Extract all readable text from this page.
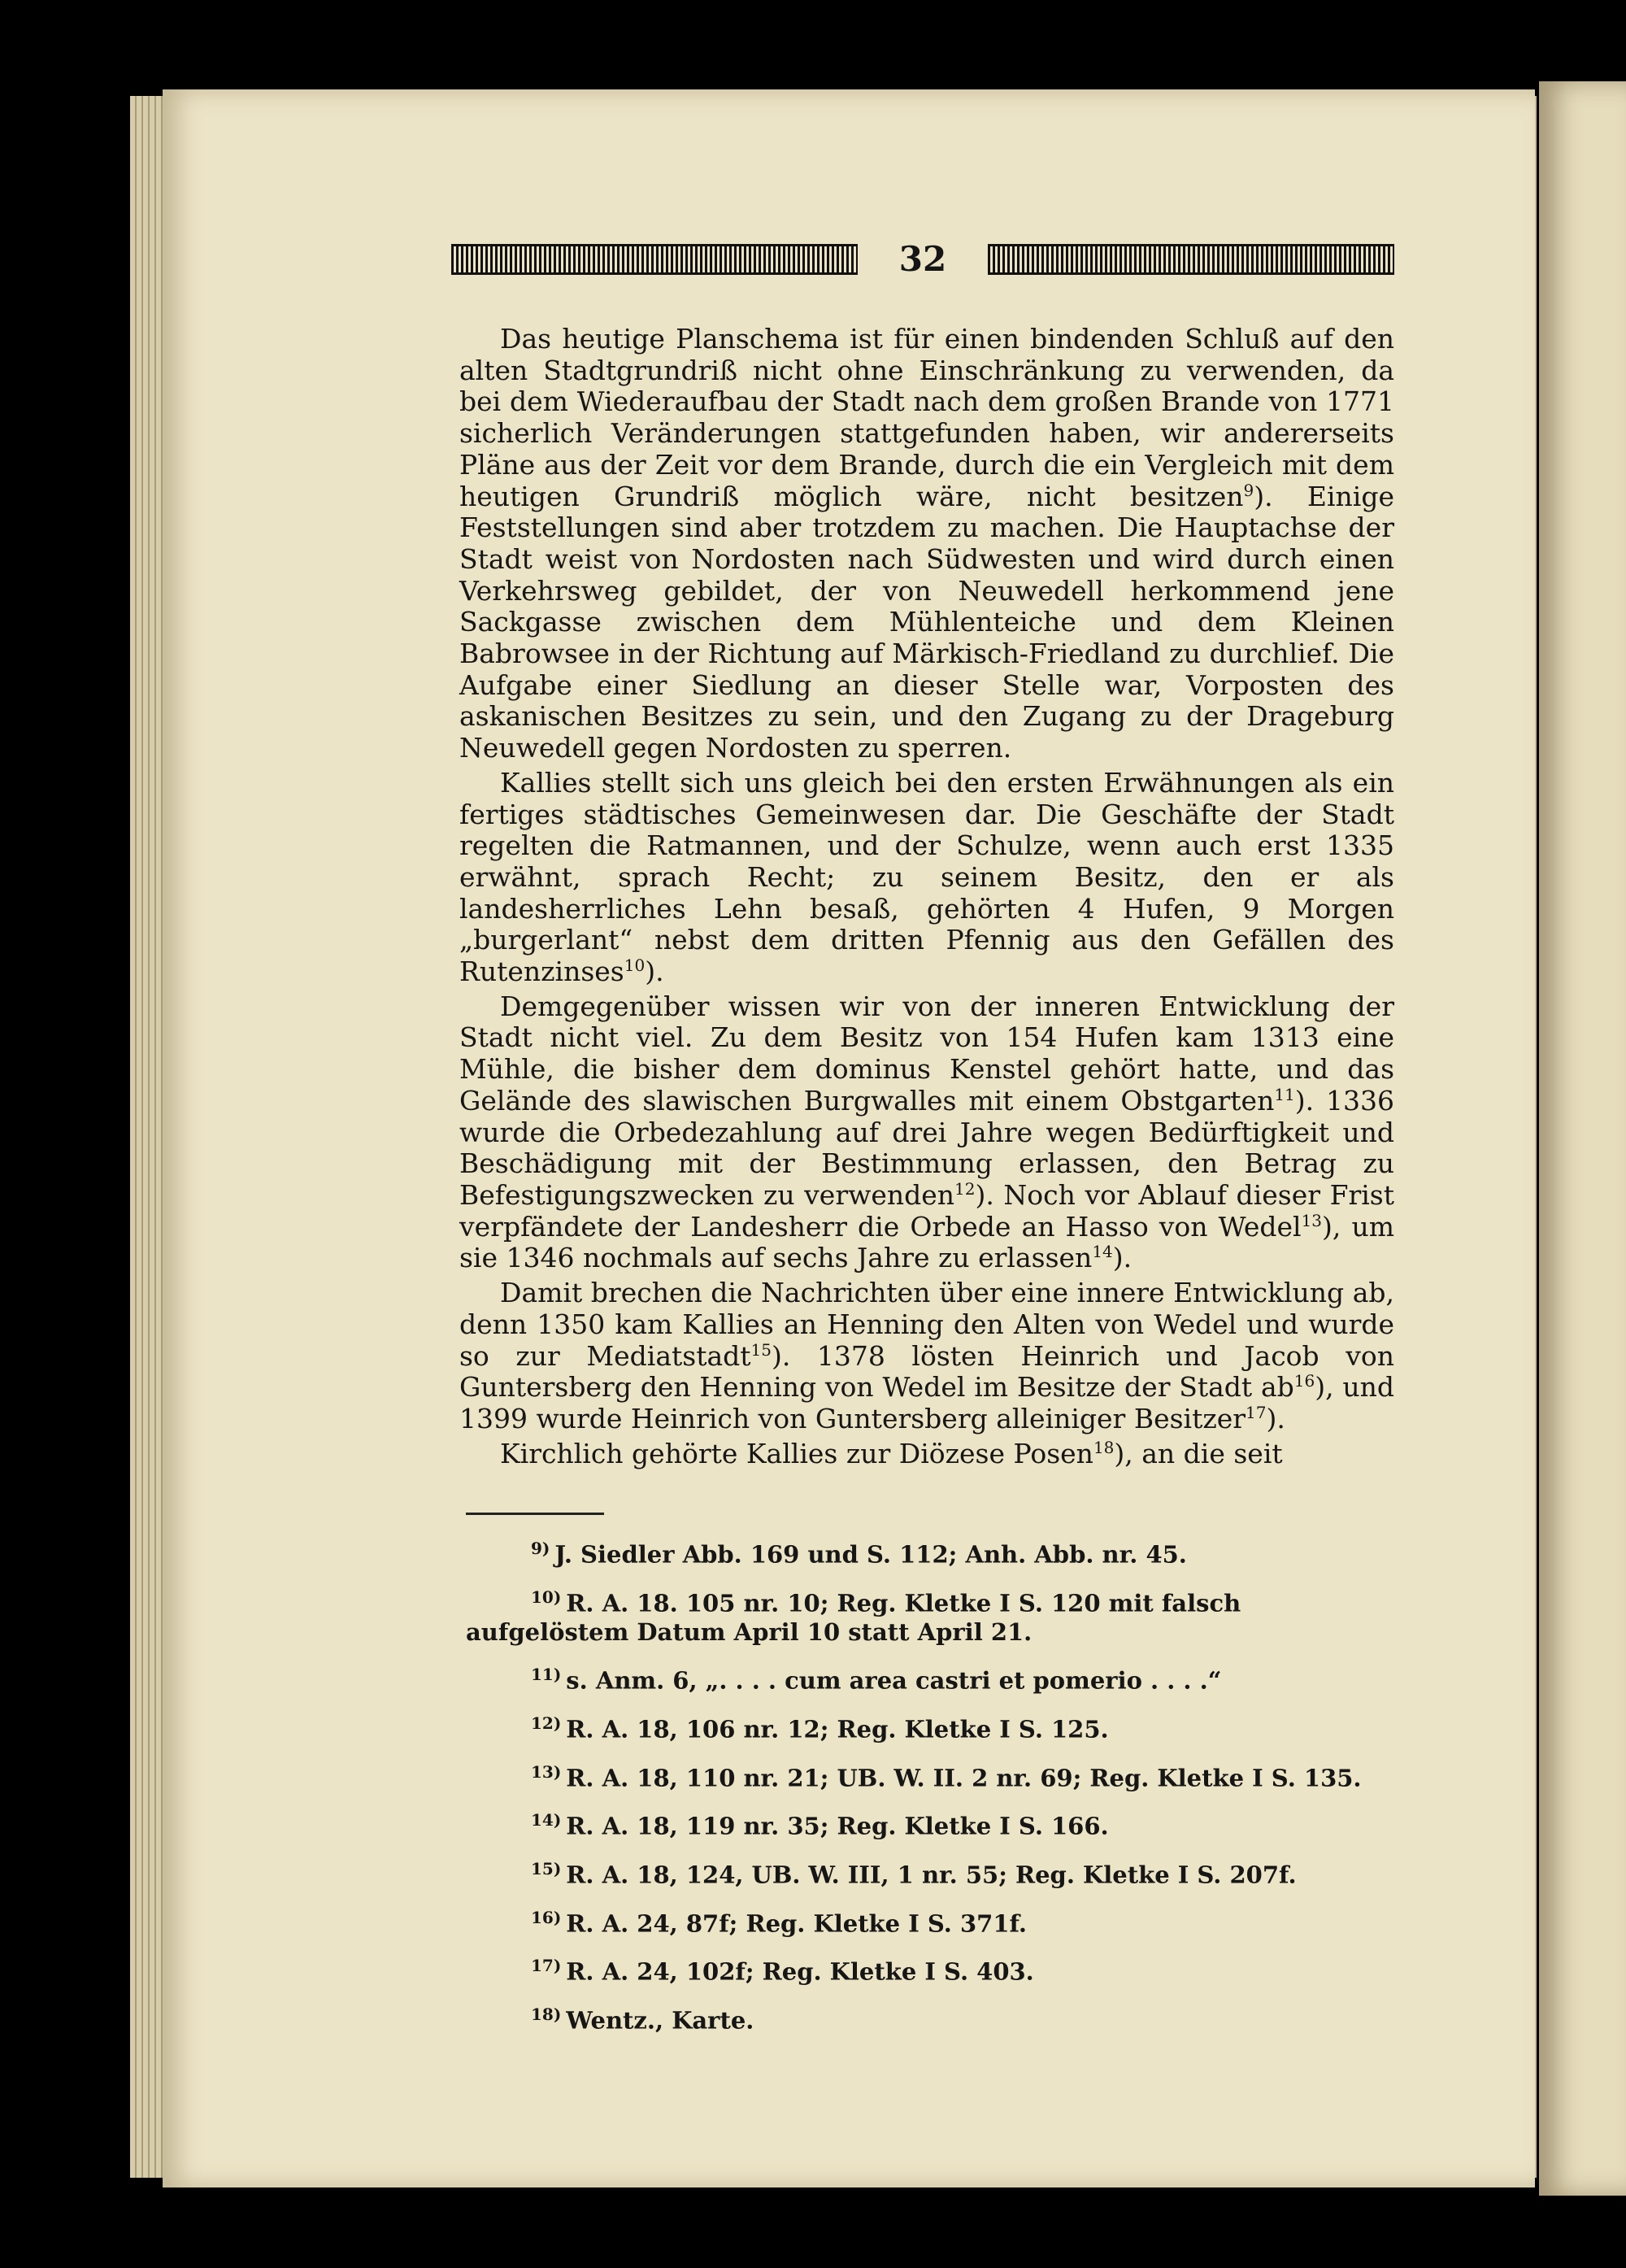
32

Das heutige Planschema ist für einen bindenden Schluß auf den alten Stadtgrundriß nicht ohne Einschränkung zu verwenden, da bei dem Wiederaufbau der Stadt nach dem großen Brande von 1771 sicherlich Veränderungen stattgefunden haben, wir andererseits Pläne aus der Zeit vor dem Brande, durch die ein Vergleich mit dem heutigen Grundriß möglich wäre, nicht besitzen$^9$). Einige Feststellungen sind aber trotzdem zu machen. Die Hauptachse der Stadt weist von Nordosten nach Südwesten und wird durch einen Verkehrsweg gebildet, der von Neuwedell herkommend jene Sackgasse zwischen dem Mühlenteiche und dem Kleinen Babrowsee in der Richtung auf Märkisch-Friedland zu durchlief. Die Aufgabe einer Siedlung an dieser Stelle war, Vorposten des askanischen Besitzes zu sein, und den Zugang zu der Drageburg Neuwedell gegen Nordosten zu sperren.

Kallies stellt sich uns gleich bei den ersten Erwähnungen als ein fertiges städtisches Gemeinwesen dar. Die Geschäfte der Stadt regelten die Ratmannen, und der Schulze, wenn auch erst 1335 erwähnt, sprach Recht; zu seinem Besitz, den er als landesherrliches Lehn besaß, gehörten 4 Hufen, 9 Morgen „burgerlant“ nebst dem dritten Pfennig aus den Gefällen des Rutenzinses$^{10}$).

Demgegenüber wissen wir von der inneren Entwicklung der Stadt nicht viel. Zu dem Besitz von 154 Hufen kam 1313 eine Mühle, die bisher dem dominus Kenstel gehört hatte, und das Gelände des slawischen Burgwalles mit einem Obstgarten$^{11}$). 1336 wurde die Orbedezahlung auf drei Jahre wegen Bedürftigkeit und Beschädigung mit der Bestimmung erlassen, den Betrag zu Befestigungszwecken zu verwenden$^{12}$). Noch vor Ablauf dieser Frist verpfändete der Landesherr die Orbede an Hasso von Wedel$^{13}$), um sie 1346 nochmals auf sechs Jahre zu erlassen$^{14}$).

Damit brechen die Nachrichten über eine innere Entwicklung ab, denn 1350 kam Kallies an Henning den Alten von Wedel und wurde so zur Mediatstadt$^{15}$). 1378 lösten Heinrich und Jacob von Guntersberg den Henning von Wedel im Besitze der Stadt $ab^{16}$), und 1399 wurde Heinrich von Guntersberg alleiniger Besitzer$^{17}$).

Kirchlich gehörte Kallies zur Diözese Posen$^{18}$), an die seit

$^{9)}$ J. Siedler Abb. 169 und S. 112; Anh. Abb. nr. 45.

$^{10)}$ R. A. 18. 105 nr. 10; Reg. Kletke I S. 120 mit falsch aufgelöstem Datum April 10 statt April 21.

$^{11)}$ s. Anm. 6, „. . . . cum area castri et pomerio . . . .“

$^{12)}$ R. A. 18, 106 nr. 12; Reg. Kletke I S. 125.

$^{13)}$ R. A. 18, 110 nr. 21; UB. W. II. 2 nr. 69; Reg. Kletke I S. 135.

$^{14)}$ R. A. 18, 119 nr. 35; Reg. Kletke I S. 166.

$^{15)}$ R. A. 18, 124, UB. W. III, 1 nr. 55; Reg. Kletke I S. 207f.

$^{16)}$ R. A. 24, 87f; Reg. Kletke I S. 371f.

$^{17)}$ R. A. 24, 102f; Reg. Kletke I S. 403.

$^{18)}$ Wentz., Karte.
